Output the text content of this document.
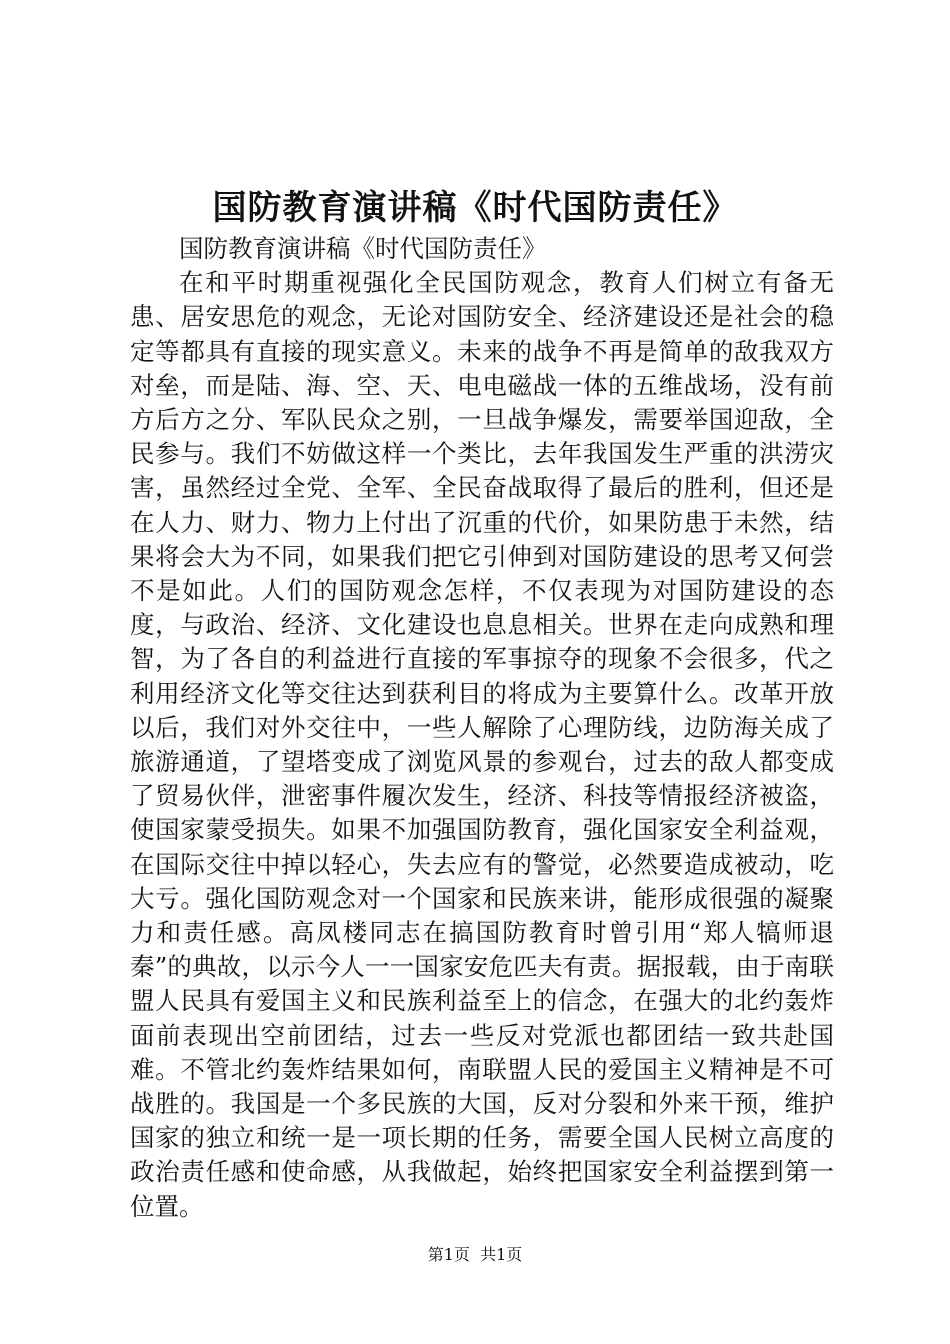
国防教育演讲稿《时代国防责任》

国防教育演讲稿《时代国防责任》

在和平时期重视强化全民国防观念，教育人们树立有备无患、居安思危的观念，无论对国防安全、经济建设还是社会的稳定等都具有直接的现实意义。未来的战争不再是简单的敌我双方对垒，而是陆、海、空、天、电电磁战一体的五维战场，没有前方后方之分、军队民众之别，一旦战争爆发，需要举国迎敌，全民参与。我们不妨做这样一个类比，去年我国发生严重的洪涝灾害，虽然经过全党、全军、全民奋战取得了最后的胜利，但还是在人力、财力、物力上付出了沉重的代价，如果防患于未然，结果将会大为不同，如果我们把它引伸到对国防建设的思考又何尝不是如此。人们的国防观念怎样，不仅表现为对国防建设的态度，与政治、经济、文化建设也息息相关。世界在走向成熟和理智，为了各自的利益进行直接的军事掠夺的现象不会很多，代之利用经济文化等交往达到获利目的将成为主要算什么。改革开放以后，我们对外交往中，一些人解除了心理防线，边防海关成了旅游通道，了望塔变成了浏览风景的参观台，过去的敌人都变成了贸易伙伴，泄密事件履次发生，经济、科技等情报经济被盗，使国家蒙受损失。如果不加强国防教育，强化国家安全利益观，在国际交往中掉以轻心，失去应有的警觉，必然要造成被动，吃大亏。强化国防观念对一个国家和民族来讲，能形成很强的凝聚力和责任感。高凤楼同志在搞国防教育时曾引用“郑人犒师退秦”的典故，以示今人一一国家安危匹夫有责。据报载，由于南联盟人民具有爱国主义和民族利益至上的信念，在强大的北约轰炸面前表现出空前团结，过去一些反对党派也都团结一致共赴国难。不管北约轰炸结果如何，南联盟人民的爱国主义精神是不可战胜的。我国是一个多民族的大国，反对分裂和外来干预，维护国家的独立和统一是一项长期的任务，需要全国人民树立高度的政治责任感和使命感，从我做起，始终把国家安全利益摆到第一位置。

第1页 共1页
